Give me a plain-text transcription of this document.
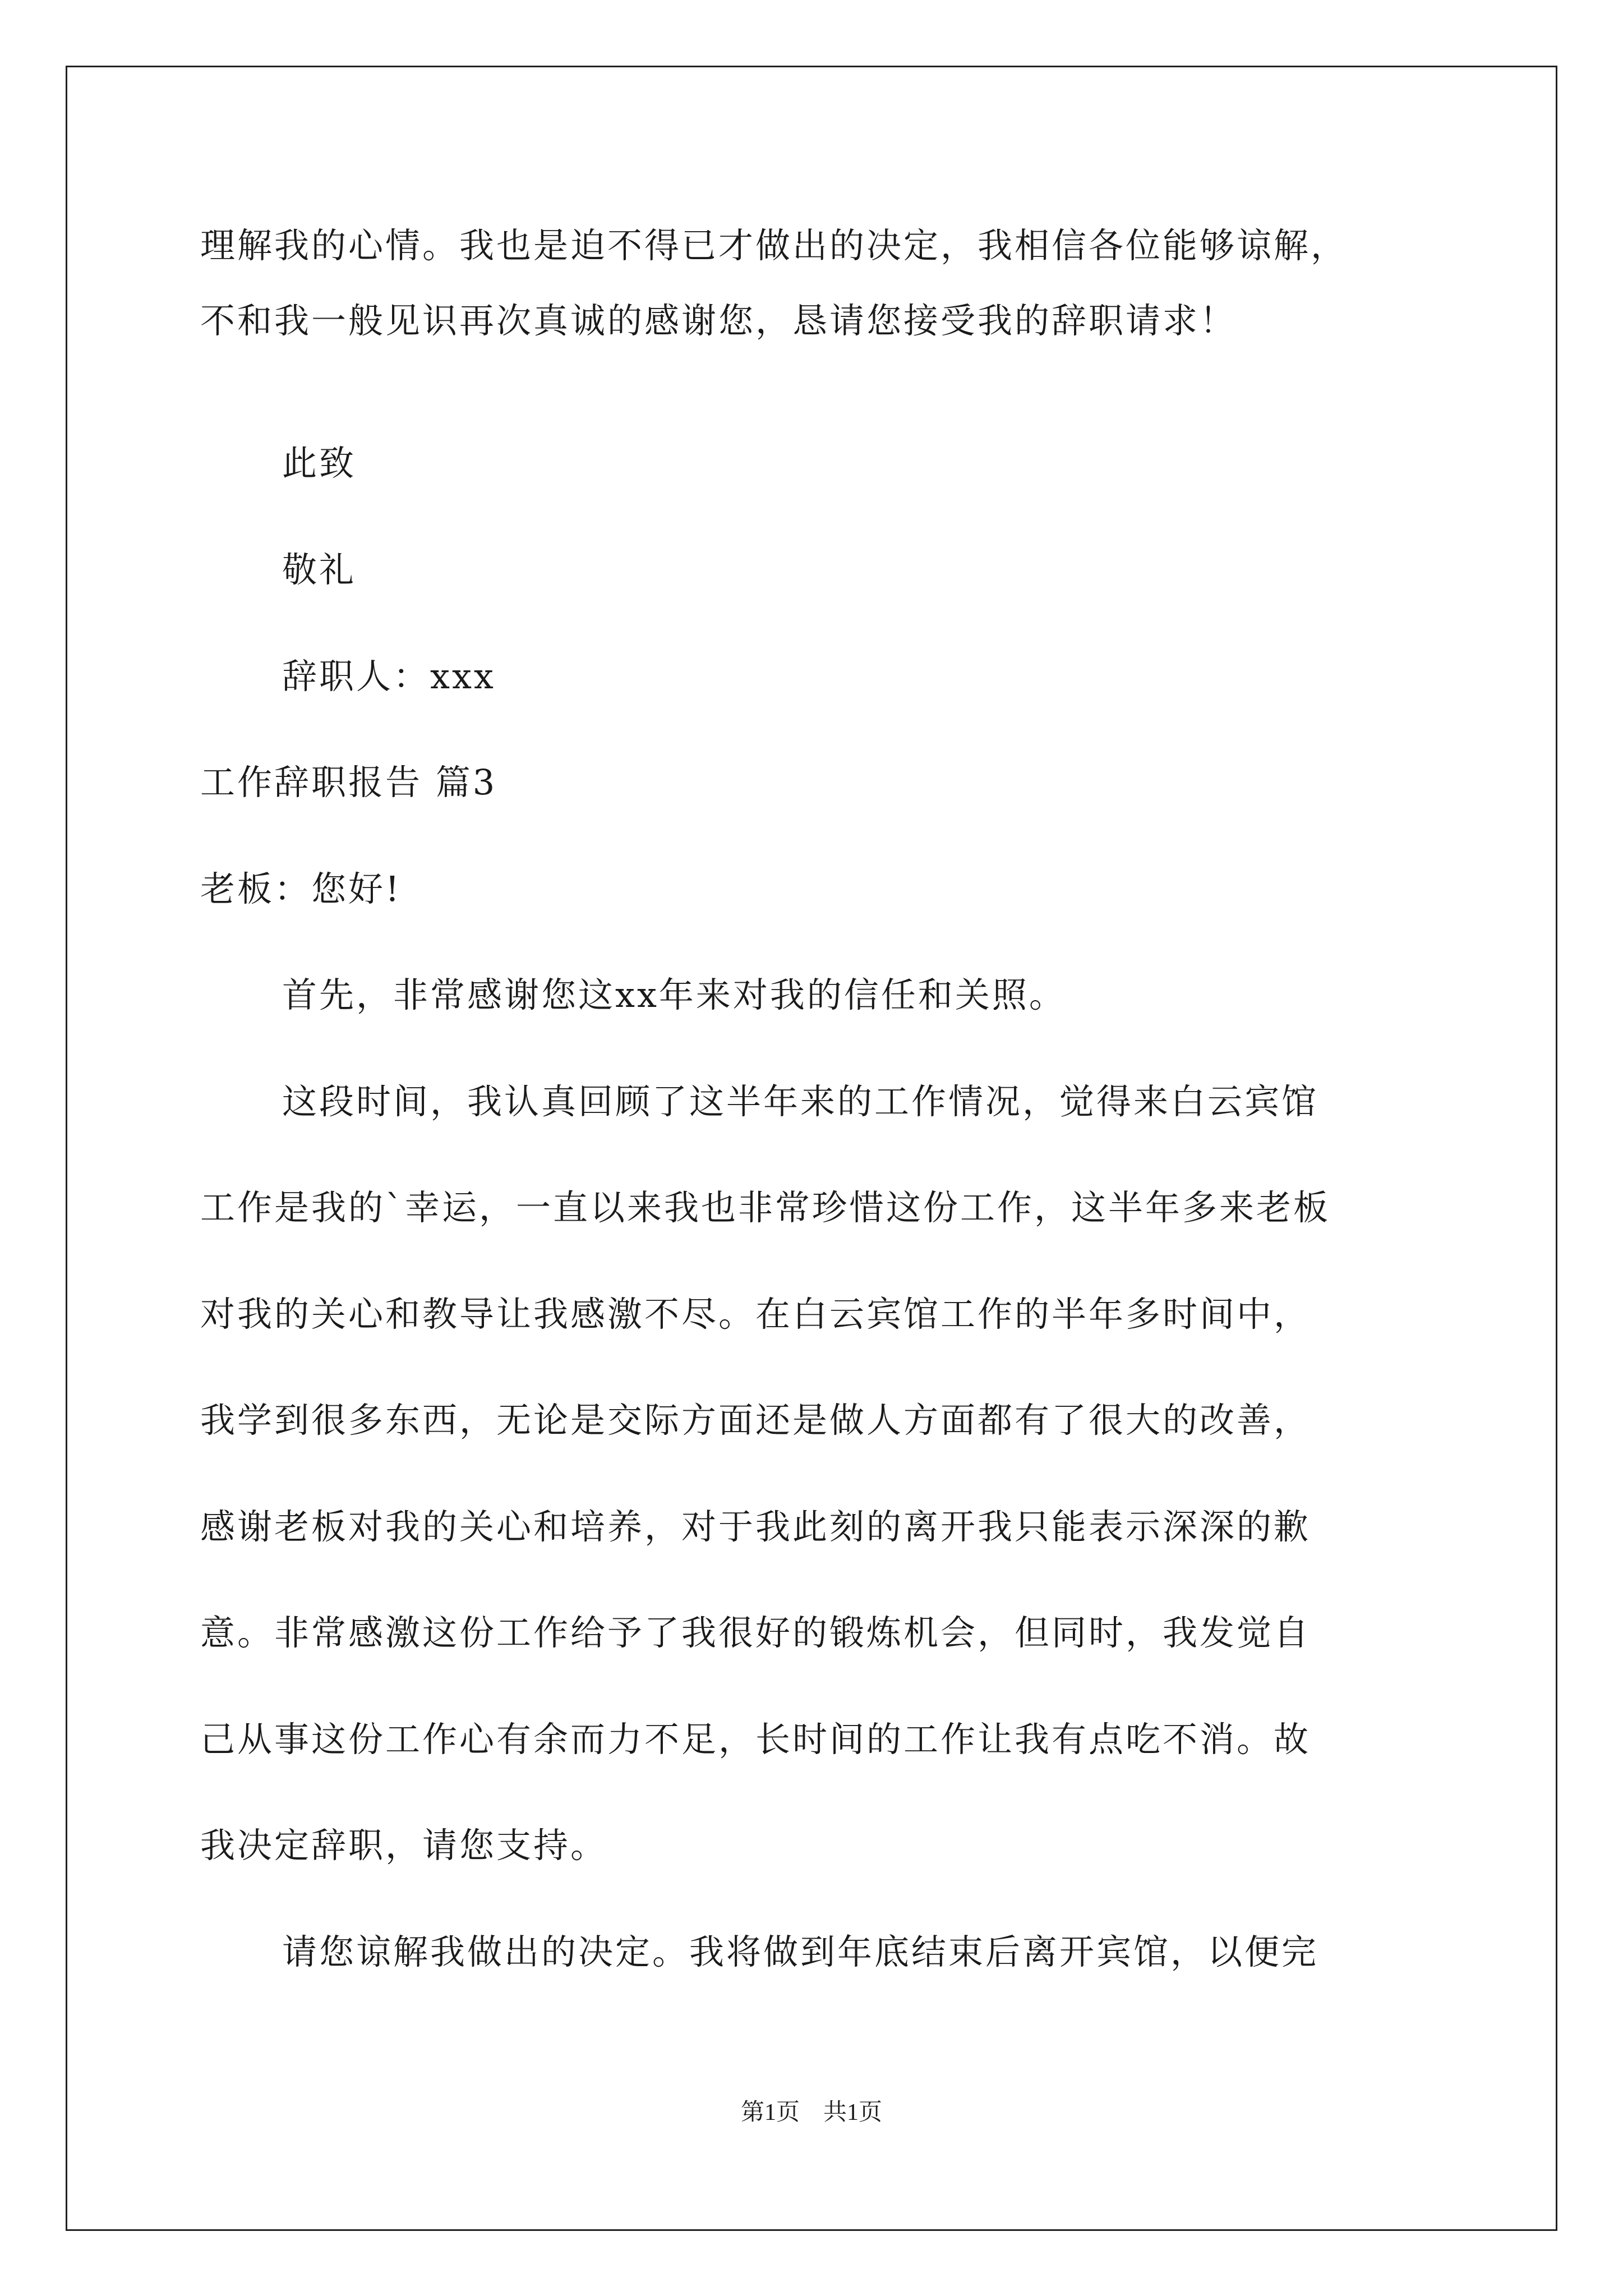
理解我的心情。我也是迫不得已才做出的决定，我相信各位能够谅解，
不和我一般见识再次真诚的感谢您，恳请您接受我的辞职请求！
此致
敬礼
辞职人：xxx
工作辞职报告 篇3
老板：您好!
首先，非常感谢您这xx年来对我的信任和关照。
这段时间，我认真回顾了这半年来的工作情况，觉得来白云宾馆
工作是我的`幸运，一直以来我也非常珍惜这份工作，这半年多来老板
对我的关心和教导让我感激不尽。在白云宾馆工作的半年多时间中，
我学到很多东西，无论是交际方面还是做人方面都有了很大的改善，
感谢老板对我的关心和培养，对于我此刻的离开我只能表示深深的歉
意。非常感激这份工作给予了我很好的锻炼机会，但同时，我发觉自
己从事这份工作心有余而力不足，长时间的工作让我有点吃不消。故
我决定辞职，请您支持。
请您谅解我做出的决定。我将做到年底结束后离开宾馆，以便完
第1页 共1页
